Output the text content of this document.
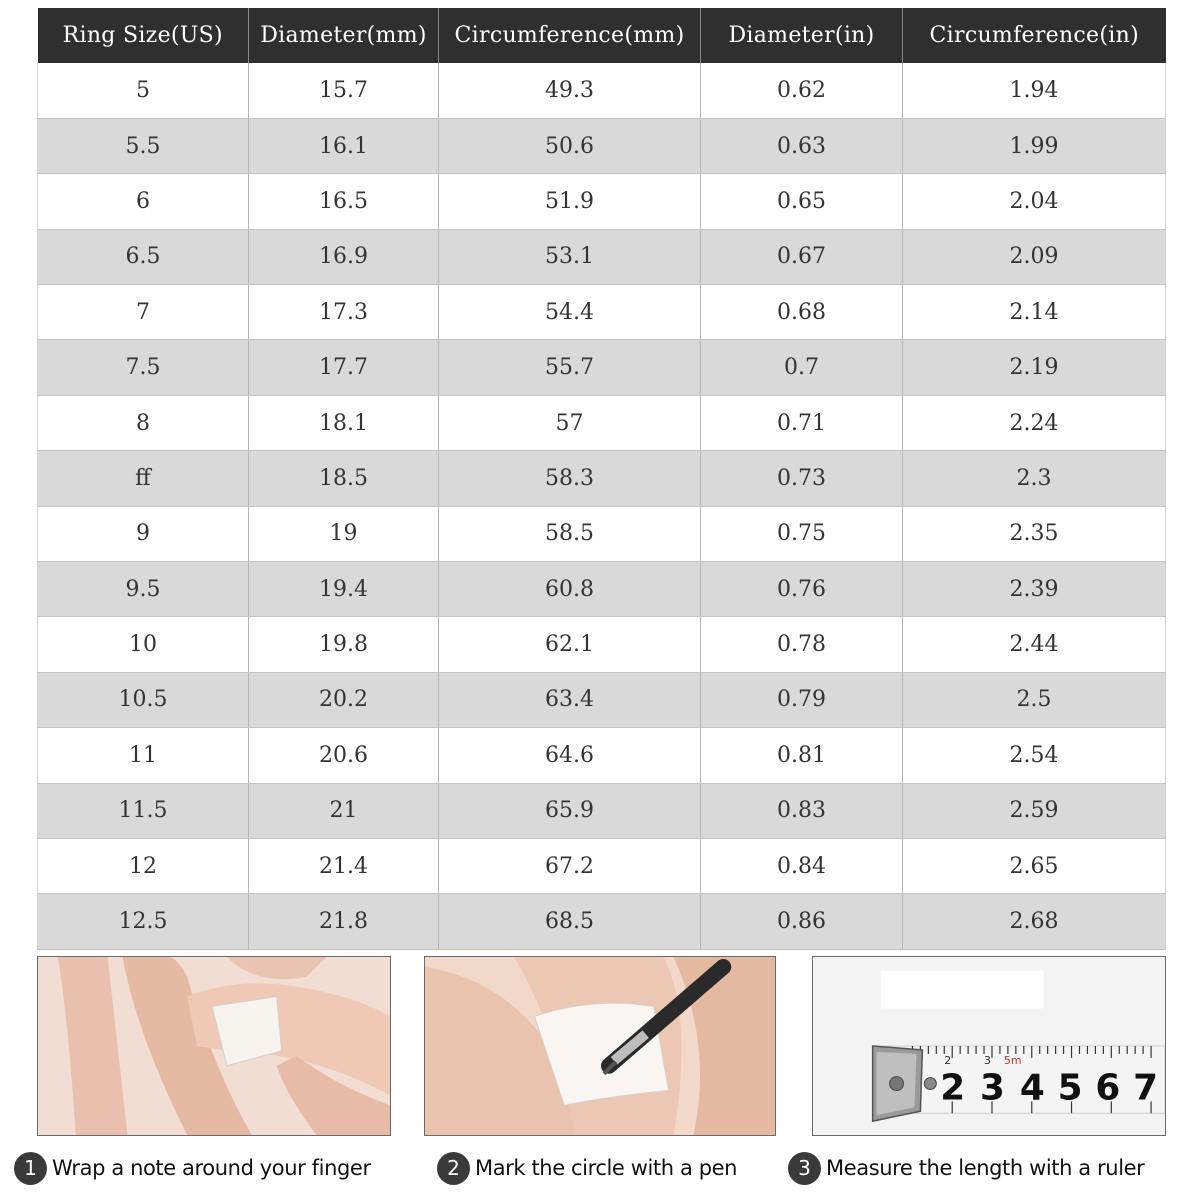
Ring Size(US)	Diameter(mm)	Circumference(mm)	Diameter(in)	Circumference(in)
5	15.7	49.3	0.62	1.94
5.5	16.1	50.6	0.63	1.99
6	16.5	51.9	0.65	2.04
6.5	16.9	53.1	0.67	2.09
7	17.3	54.4	0.68	2.14
7.5	17.7	55.7	0.7	2.19
8	18.1	57	0.71	2.24
ff	18.5	58.3	0.73	2.3
9	19	58.5	0.75	2.35
9.5	19.4	60.8	0.76	2.39
10	19.8	62.1	0.78	2.44
10.5	20.2	63.4	0.79	2.5
11	20.6	64.6	0.81	2.54
11.5	21	65.9	0.83	2.59
12	21.4	67.2	0.84	2.65
12.5	21.8	68.5	0.86	2.68
2	3 5m
2 3 4 5 6 7
1 Wrap a note around your finger	2 Mark the circle with a pen	3 Measure the length with a ruler
